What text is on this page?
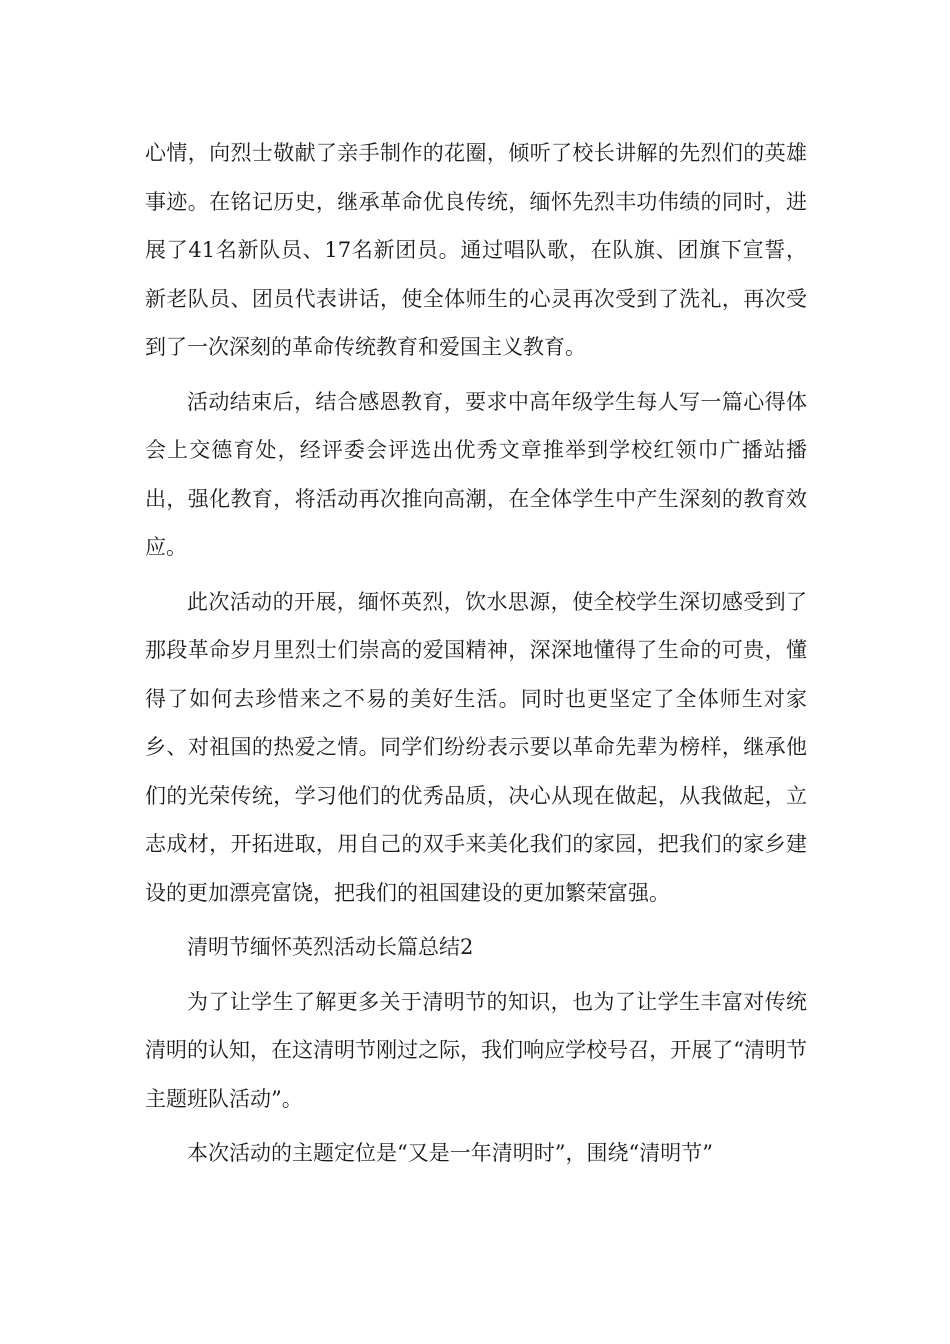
心情，向烈士敬献了亲手制作的花圈，倾听了校长讲解的先烈们的英雄事迹。在铭记历史，继承革命优良传统，缅怀先烈丰功伟绩的同时，进展了41名新队员、17名新团员。通过唱队歌，在队旗、团旗下宣誓，新老队员、团员代表讲话，使全体师生的心灵再次受到了洗礼，再次受到了一次深刻的革命传统教育和爱国主义教育。

活动结束后，结合感恩教育，要求中高年级学生每人写一篇心得体会上交德育处，经评委会评选出优秀文章推举到学校红领巾广播站播出，强化教育，将活动再次推向高潮，在全体学生中产生深刻的教育效应。

此次活动的开展，缅怀英烈，饮水思源，使全校学生深切感受到了那段革命岁月里烈士们崇高的爱国精神，深深地懂得了生命的可贵，懂得了如何去珍惜来之不易的美好生活。同时也更坚定了全体师生对家乡、对祖国的热爱之情。同学们纷纷表示要以革命先辈为榜样，继承他们的光荣传统，学习他们的优秀品质，决心从现在做起，从我做起，立志成材，开拓进取，用自己的双手来美化我们的家园，把我们的家乡建设的更加漂亮富饶，把我们的祖国建设的更加繁荣富强。

清明节缅怀英烈活动长篇总结2

为了让学生了解更多关于清明节的知识，也为了让学生丰富对传统清明的认知，在这清明节刚过之际，我们响应学校号召，开展了“清明节主题班队活动”。

本次活动的主题定位是“又是一年清明时”，围绕“清明节”
